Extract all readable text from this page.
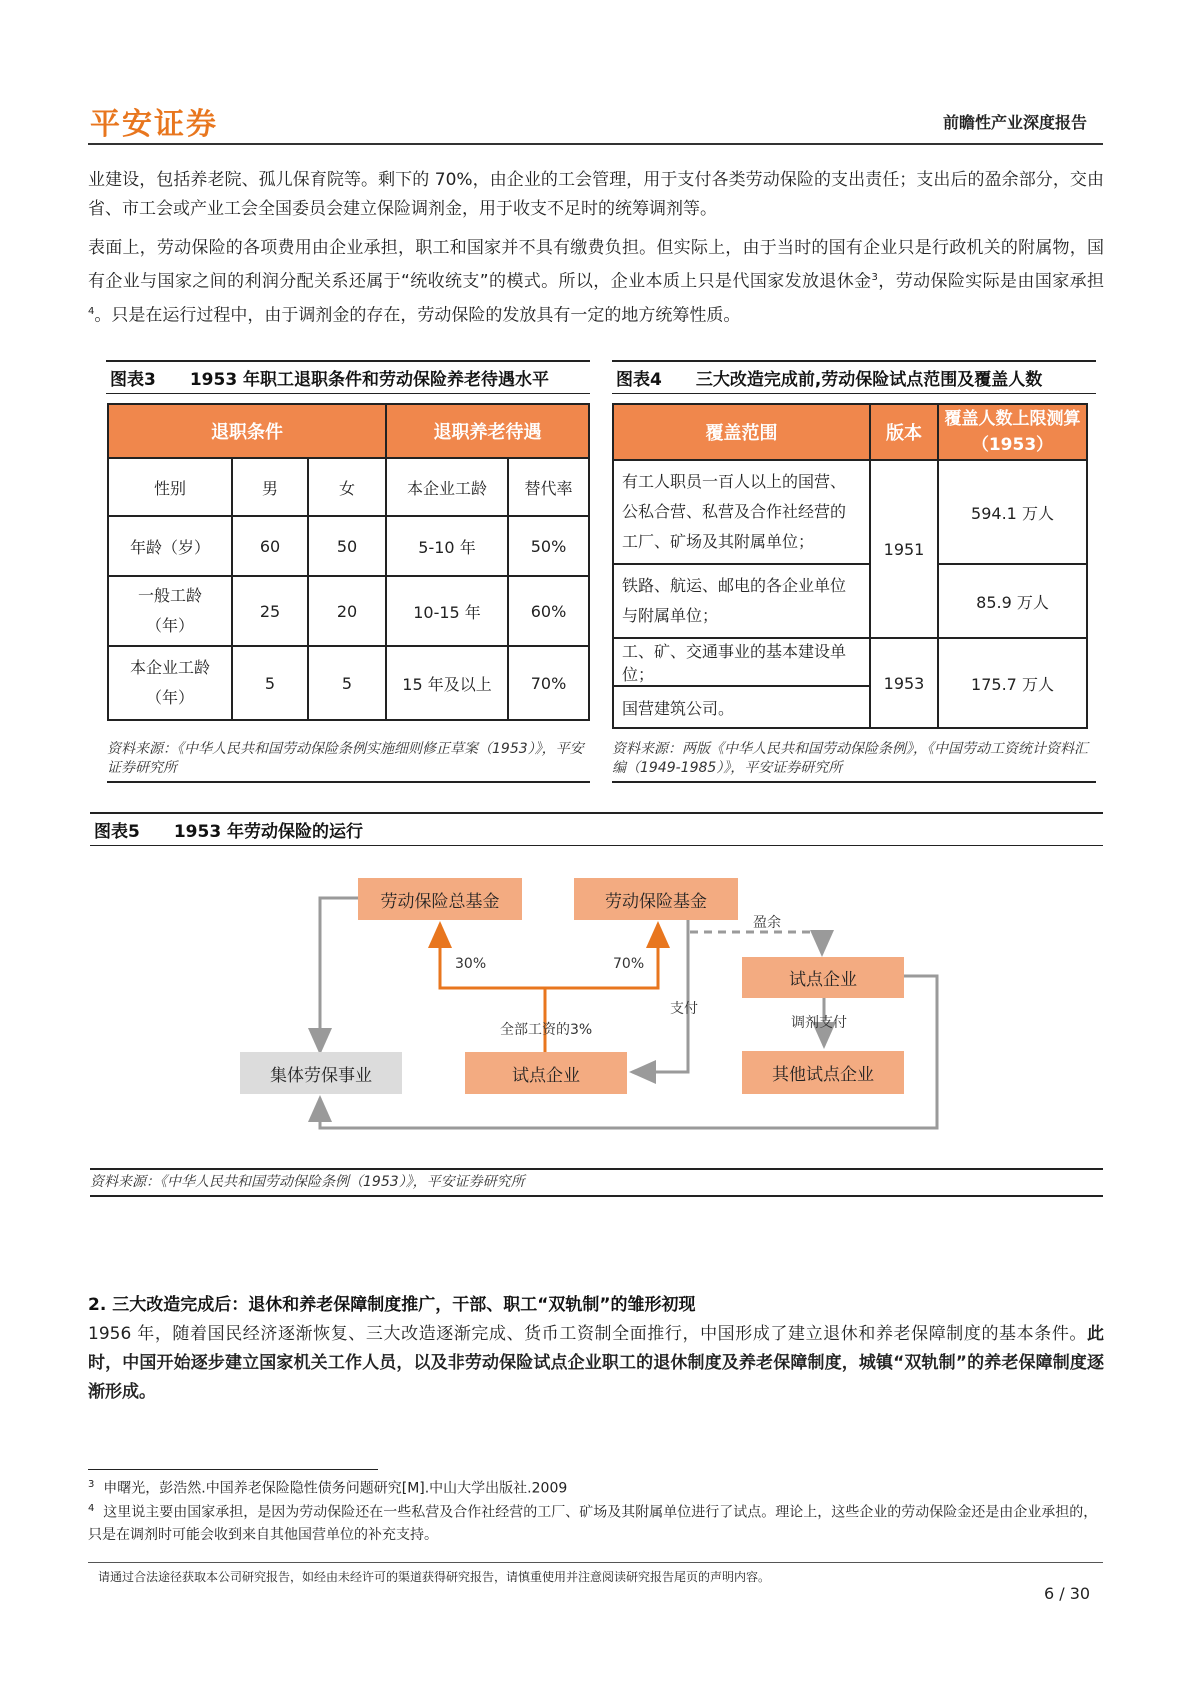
平安证券	前瞻性产业深度报告
业建设，包括养老院、孤儿保育院等。剩下的 70%，由企业的工会管理，用于支付各类劳动保险的支出责任；支出后的盈余部分，交由省、市工会或产业工会全国委员会建立保险调剂金，用于收支不足时的统筹调剂等。
表面上，劳动保险的各项费用由企业承担，职工和国家并不具有缴费负担。但实际上，由于当时的国有企业只是行政机关的附属物，国有企业与国家之间的利润分配关系还属于“统收统支”的模式。所以，企业本质上只是代国家发放退休金$^3$，劳动保险实际是由国家承担$^4$。只是在运行过程中，由于调剂金的存在，劳动保险的发放具有一定的地方统筹性质。
图表3　　1953 年职工退职条件和劳动保险养老待遇水平
退职条件			退职养老待遇	
性别	男	女	本企业工龄	替代率
年龄（岁）	60	50	5-10 年	50%
一般工龄
（年）	25	20	10-15 年	60%
本企业工龄
（年）	5	5	15 年及以上	70%
资料来源：《中华人民共和国劳动保险条例实施细则修正草案（1953）》，平安证券研究所
图表4　　三大改造完成前,劳动保险试点范围及覆盖人数
覆盖范围	版本	覆盖人数上限测算（1953）
有工人职员一百人以上的国营、公私合营、私营及合作社经营的工厂、矿场及其附属单位；	1951	594.1 万人
铁路、航运、邮电的各企业单位与附属单位；		85.9 万人
工、矿、交通事业的基本建设单位；	1953	175.7 万人
国营建筑公司。		
资料来源：两版《中华人民共和国劳动保险条例》，《中国劳动工资统计资料汇编（1949-1985）》，平安证券研究所
图表5　　1953 年劳动保险的运行
劳动保险总基金	劳动保险基金
试点企业
集体劳保事业	试点企业	其他试点企业
盈余
30%	70%
支付
全部工资的3%	调剂支付
资料来源：《中华人民共和国劳动保险条例（1953）》，平安证券研究所
2. 三大改造完成后：退休和养老保障制度推广，干部、职工“双轨制”的雏形初现
1956 年，随着国民经济逐渐恢复、三大改造逐渐完成、货币工资制全面推行，中国形成了建立退休和养老保障制度的基本条件。此时，中国开始逐步建立国家机关工作人员，以及非劳动保险试点企业职工的退休制度及养老保障制度，城镇“双轨制”的养老保障制度逐渐形成。
$^3$ 申曙光，彭浩然.中国养老保险隐性债务问题研究[M].中山大学出版社.2009
$^4$ 这里说主要由国家承担，是因为劳动保险还在一些私营及合作社经营的工厂、矿场及其附属单位进行了试点。理论上，这些企业的劳动保险金还是由企业承担的，只是在调剂时可能会收到来自其他国营单位的补充支持。
请通过合法途径获取本公司研究报告，如经由未经许可的渠道获得研究报告，请慎重使用并注意阅读研究报告尾页的声明内容。
6 / 30
